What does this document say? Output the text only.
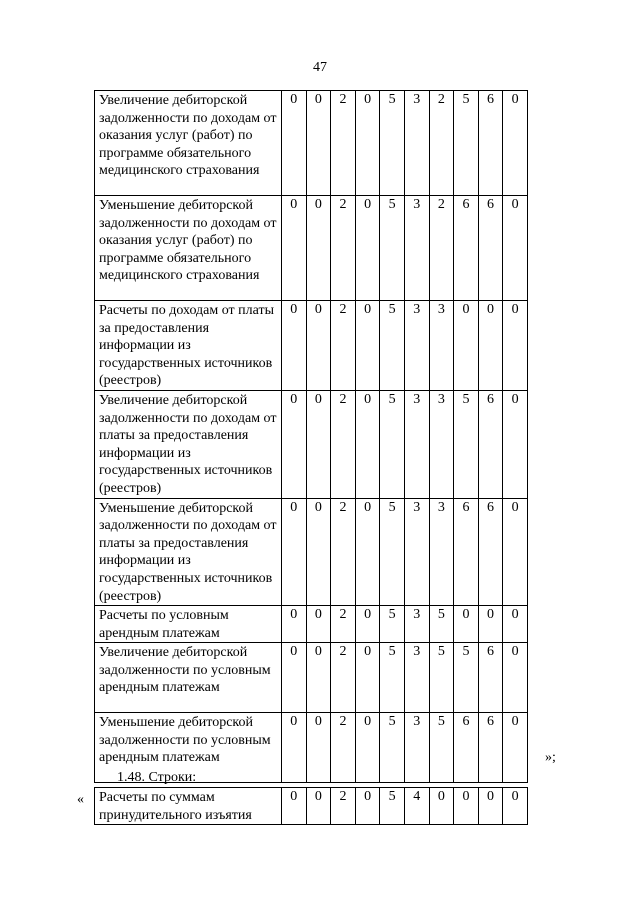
47
Увеличение дебиторской задолженности по доходам от оказания услуг (работ) по программе обязательного медицинского страхования	0	0	2	0	5	3	2	5	6	0
Уменьшение дебиторской задолженности по доходам от оказания услуг (работ) по программе обязательного медицинского страхования	0	0	2	0	5	3	2	6	6	0
Расчеты по доходам от платы за предоставления информации из государственных источников (реестров)	0	0	2	0	5	3	3	0	0	0
Увеличение дебиторской задолженности по доходам от платы за предоставления информации из государственных источников (реестров)	0	0	2	0	5	3	3	5	6	0
Уменьшение дебиторской задолженности по доходам от платы за предоставления информации из государственных источников (реестров)	0	0	2	0	5	3	3	6	6	0
Расчеты по условным арендным платежам	0	0	2	0	5	3	5	0	0	0
Увеличение дебиторской задолженности по условным арендным платежам	0	0	2	0	5	3	5	5	6	0
Уменьшение дебиторской задолженности по условным арендным платежам	0	0	2	0	5	3	5	6	6	0
»;
1.48. Строки:
« Расчеты по суммам принудительного изъятия	0	0	2	0	5	4	0	0	0	0
